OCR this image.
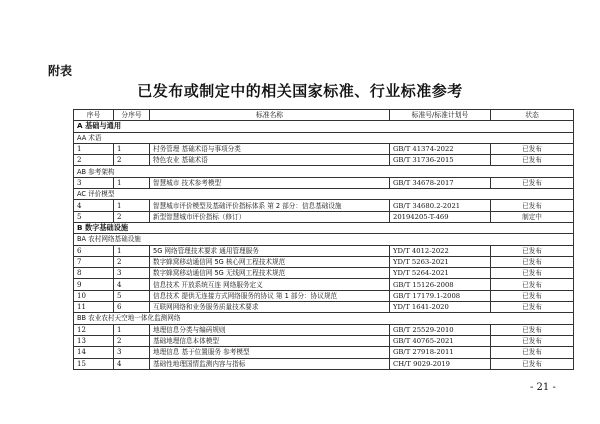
附表
已发布或制定中的相关国家标准、行业标准参考
序号	分序号	标准名称	标准号/标准计划号	状态
A 基础与通用				
AA 术语				
1	1	村务管理 基础术语与事项分类	GB/T 41374-2022	已发布
2	2	特色农业 基础术语	GB/T 31736-2015	已发布
AB 参考架构				
3	1	智慧城市 技术参考模型	GB/T 34678-2017	已发布
AC 评价模型				
4	1	智慧城市评价模型及基础评价指标体系 第 2 部分：信息基础设施	GB/T 34680.2-2021	已发布
5	2	新型智慧城市评价指标（修订）	20194205-T-469	制定中
B 数字基础设施				
BA 农村网络基础设施				
6	1	5G 网络管理技术要求 通用管理服务	YD/T 4012-2022	已发布
7	2	数字蜂窝移动通信网 5G 核心网工程技术规范	YD/T 5263-2021	已发布
8	3	数字蜂窝移动通信网 5G 无线网工程技术规范	YD/T 5264-2021	已发布
9	4	信息技术 开放系统互连 网络服务定义	GB/T 15126-2008	已发布
10	5	信息技术 提供无连接方式网络服务的协议 第 1 部分：协议规范	GB/T 17179.1-2008	已发布
11	6	互联网网络和业务服务质量技术要求	YD/T 1641-2020	已发布
BB 农业农村天空地一体化监测网络				
12	1	地理信息分类与编码规则	GB/T 25529-2010	已发布
13	2	基础地理信息本体模型	GB/T 40765-2021	已发布
14	3	地理信息 基于位置服务 参考模型	GB/T 27918-2011	已发布
15	4	基础性地理国情监测内容与指标	CH/T 9029-2019	已发布
- 21 -
